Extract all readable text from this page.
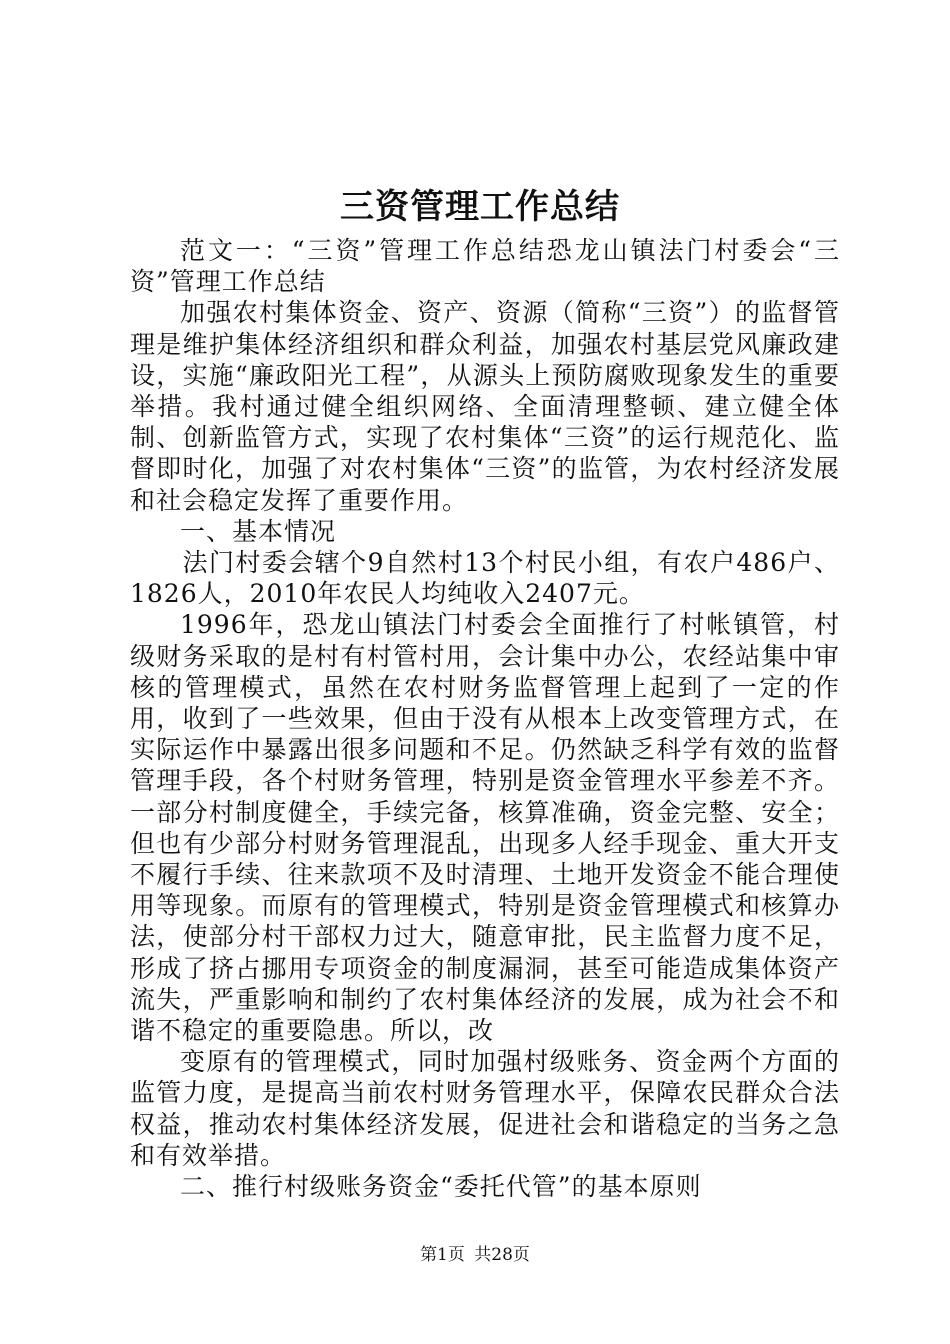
三资管理工作总结

范文一：“三资”管理工作总结恐龙山镇法门村委会“三资”管理工作总结

加强农村集体资金、资产、资源（简称“三资”）的监督管理是维护集体经济组织和群众利益，加强农村基层党风廉政建设，实施“廉政阳光工程”，从源头上预防腐败现象发生的重要举措。我村通过健全组织网络、全面清理整顿、建立健全体制、创新监管方式，实现了农村集体“三资”的运行规范化、监督即时化，加强了对农村集体“三资”的监管，为农村经济发展和社会稳定发挥了重要作用。

一、基本情况

法门村委会辖个9自然村13个村民小组，有农户486户、1826人，2010年农民人均纯收入2407元。

1996年，恐龙山镇法门村委会全面推行了村帐镇管，村级财务采取的是村有村管村用，会计集中办公，农经站集中审核的管理模式，虽然在农村财务监督管理上起到了一定的作用，收到了一些效果，但由于没有从根本上改变管理方式，在实际运作中暴露出很多问题和不足。仍然缺乏科学有效的监督管理手段，各个村财务管理，特别是资金管理水平参差不齐。一部分村制度健全，手续完备，核算准确，资金完整、安全；但也有少部分村财务管理混乱，出现多人经手现金、重大开支不履行手续、往来款项不及时清理、土地开发资金不能合理使用等现象。而原有的管理模式，特别是资金管理模式和核算办法，使部分村干部权力过大，随意审批，民主监督力度不足，形成了挤占挪用专项资金的制度漏洞，甚至可能造成集体资产流失，严重影响和制约了农村集体经济的发展，成为社会不和谐不稳定的重要隐患。所以，改

变原有的管理模式，同时加强村级账务、资金两个方面的监管力度，是提高当前农村财务管理水平，保障农民群众合法权益，推动农村集体经济发展，促进社会和谐稳定的当务之急和有效举措。

二、推行村级账务资金“委托代管”的基本原则

第1页 共28页
